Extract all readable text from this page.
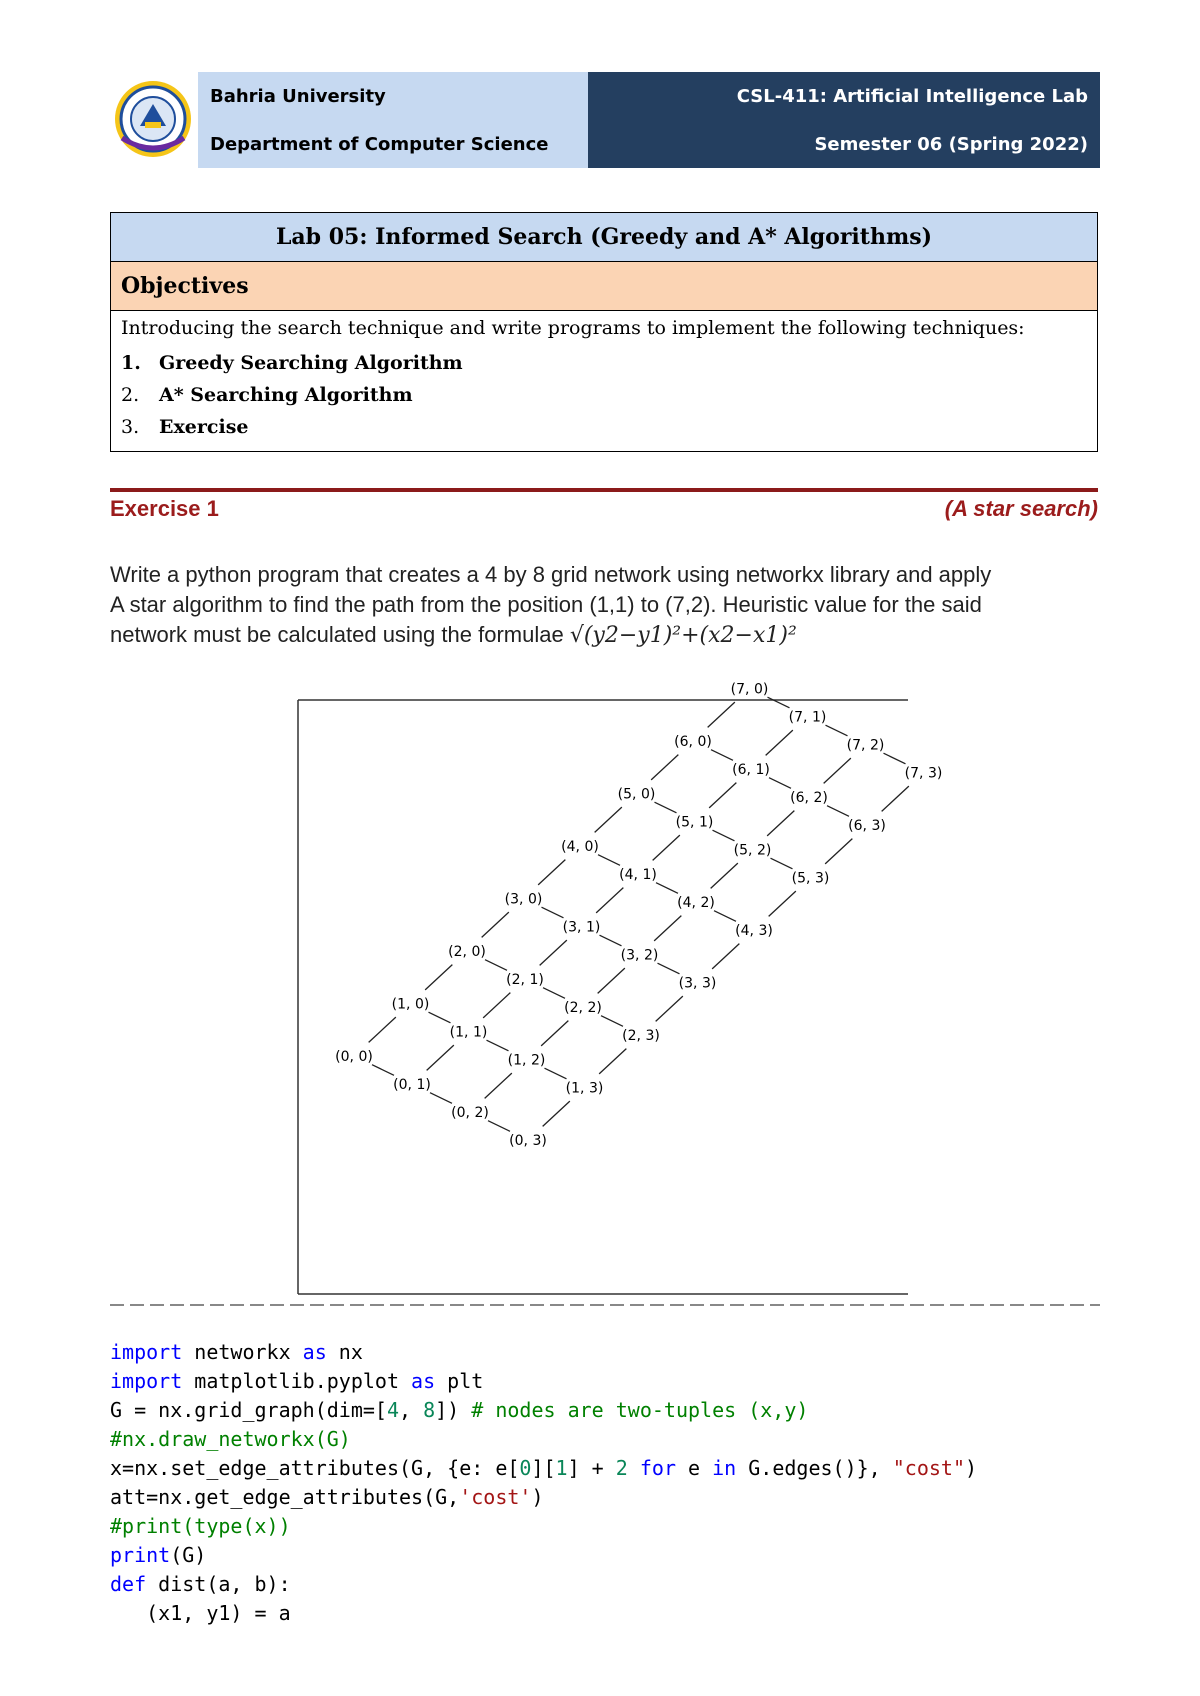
Bahria University
Department of Computer Science
CSL-411: Artificial Intelligence Lab
Semester 06 (Spring 2022)
Lab 05: Informed Search (Greedy and A* Algorithms)
Objectives

Introducing the search technique and write programs to implement the following techniques:

1. Greedy Searching Algorithm
2.	A* Searching Algorithm
3.	Exercise
Exercise 1	(A star search)
Write a python program that creates a 4 by 8 grid network using networkx library and apply
A star algorithm to find the path from the position (1,1) to (7,2). Heuristic value for the said
network must be calculated using the formulae √(y2−y1)²+(x2−x1)²
(0, 0)
(0, 1)
(0, 2)
(0, 3)
(1, 0)
(1, 1)
(1, 2)
(1, 3)
(2, 0)
(2, 1)
(2, 2)
(2, 3)
(3, 0)
(3, 1)
(3, 2)
(3, 3)
(4, 0)
(4, 1)
(4, 2)
(4, 3)
(5, 0)
(5, 1)
(5, 2)
(5, 3)
(6, 0)
(6, 1)
(6, 2)
(6, 3)
(7, 0)
(7, 1)
(7, 2)
(7, 3)
import networkx as nx
import matplotlib.pyplot as plt
G = nx.grid_graph(dim=[4, 8]) # nodes are two-tuples (x,y)
#nx.draw_networkx(G)
x=nx.set_edge_attributes(G, {e: e[0][1] + 2 for e in G.edges()}, "cost")
att=nx.get_edge_attributes(G,'cost')
#print(type(x))
print(G)
def dist(a, b):
(x1, y1) = a
